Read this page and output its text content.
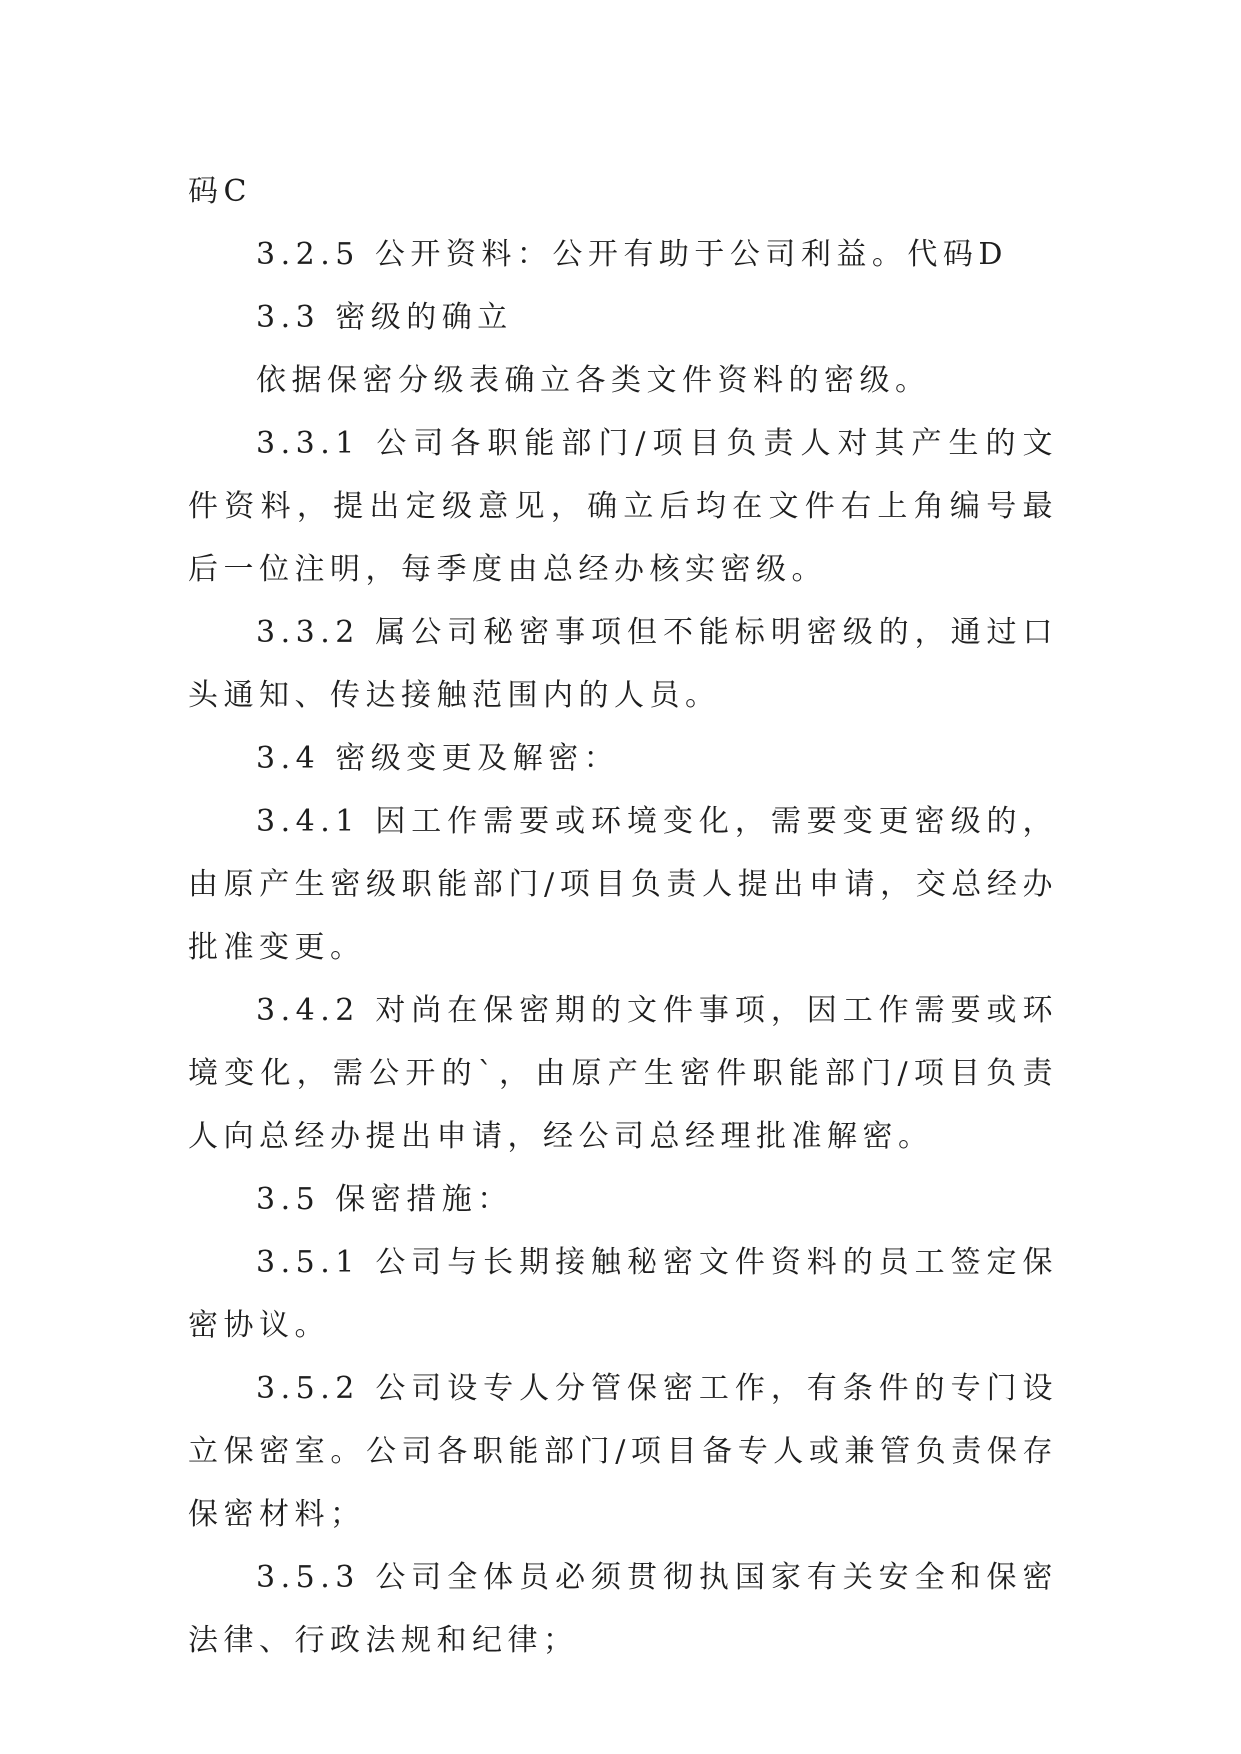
码C

3.2.5 公开资料：公开有助于公司利益。代码D

3.3 密级的确立

依据保密分级表确立各类文件资料的密级。

3.3.1 公司各职能部门/项目负责人对其产生的文件资料，提出定级意见，确立后均在文件右上角编号最后一位注明，每季度由总经办核实密级。

3.3.2 属公司秘密事项但不能标明密级的，通过口头通知、传达接触范围内的人员。

3.4 密级变更及解密：

3.4.1 因工作需要或环境变化，需要变更密级的，由原产生密级职能部门/项目负责人提出申请，交总经办批准变更。

3.4.2 对尚在保密期的文件事项，因工作需要或环境变化，需公开的`，由原产生密件职能部门/项目负责人向总经办提出申请，经公司总经理批准解密。

3.5 保密措施：

3.5.1 公司与长期接触秘密文件资料的员工签定保密协议。

3.5.2 公司设专人分管保密工作，有条件的专门设立保密室。公司各职能部门/项目备专人或兼管负责保存保密材料；

3.5.3 公司全体员必须贯彻执国家有关安全和保密法律、行政法规和纪律；
